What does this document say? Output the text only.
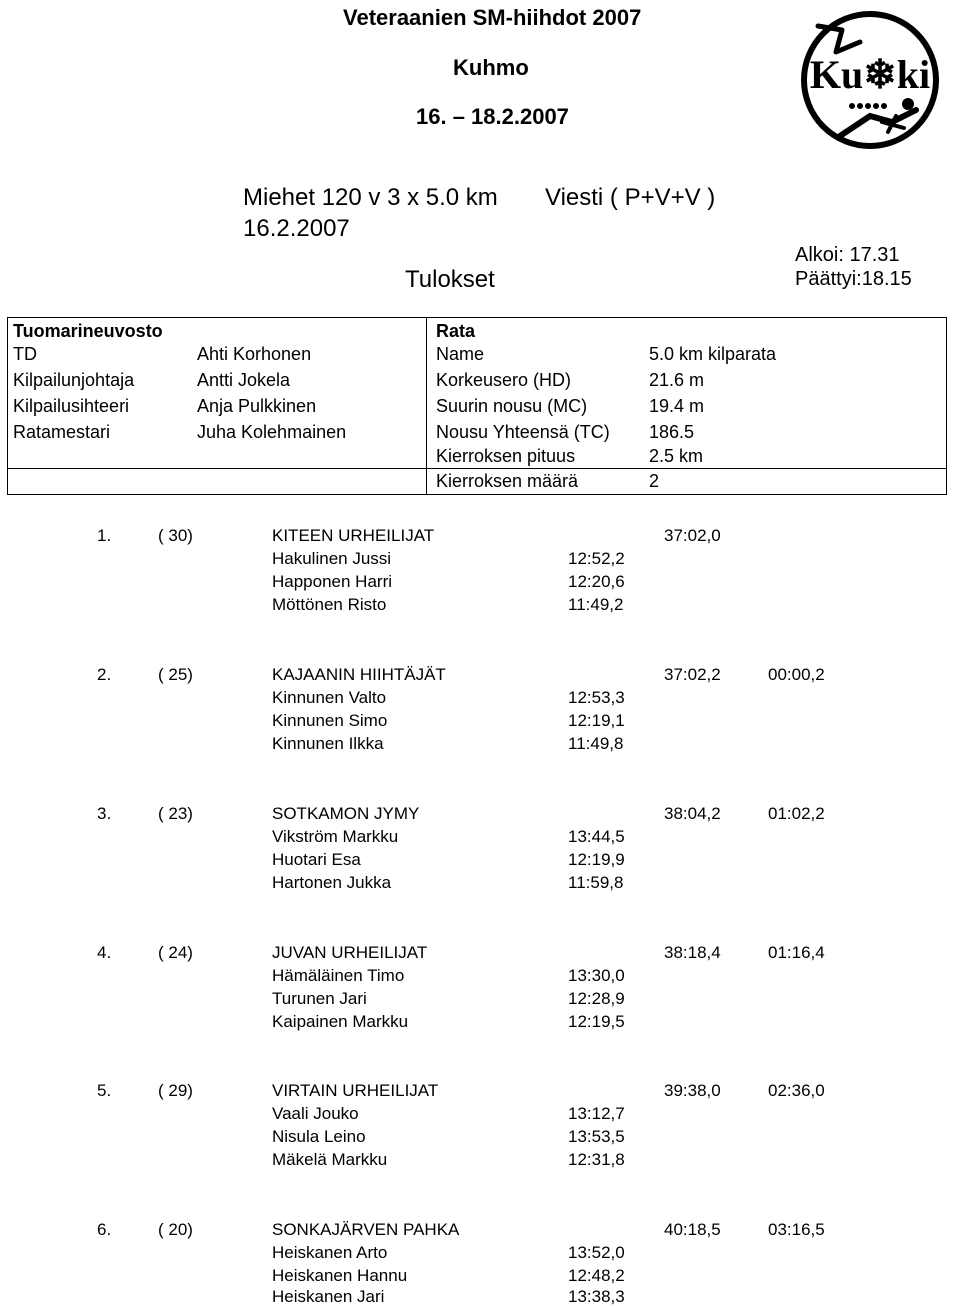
Veteraanien SM-hiihdot 2007
Kuhmo
16. – 18.2.2007
Ku❄ki
Miehet 120 v 3 x 5.0 km Viesti ( P+V+V )
16.2.2007
Alkoi: 17.31
Tulokset	Päättyi:18.15
Tuomarineuvosto
TD	Ahti Korhonen
Kilpailunjohtaja	Antti Jokela
Kilpailusihteeri	Anja Pulkkinen
Ratamestari	Juha Kolehmainen
Rata
Name	5.0 km kilparata
Korkeusero (HD)	21.6 m
Suurin nousu (MC)	19.4 m
Nousu Yhteensä (TC) 186.5
Kierroksen pituus	2.5 km
Kierroksen määrä	2
1.	( 30)	KITEEN URHEILIJAT	37:02,0
Hakulinen Jussi	12:52,2
Happonen Harri	12:20,6
Möttönen Risto	11:49,2
2.	( 25)	KAJAANIN HIIHTÄJÄT	37:02,2	00:00,2
Kinnunen Valto	12:53,3
Kinnunen Simo	12:19,1
Kinnunen Ilkka	11:49,8
3.	( 23)	SOTKAMON JYMY	38:04,2	01:02,2
Vikström Markku	13:44,5
Huotari Esa	12:19,9
Hartonen Jukka	11:59,8
4.	( 24)	JUVAN URHEILIJAT	38:18,4	01:16,4
Hämäläinen Timo	13:30,0
Turunen Jari	12:28,9
Kaipainen Markku	12:19,5
5.	( 29)	VIRTAIN URHEILIJAT	39:38,0	02:36,0
Vaali Jouko	13:12,7
Nisula Leino	13:53,5
Mäkelä Markku	12:31,8
6.	( 20)	SONKAJÄRVEN PAHKA	40:18,5	03:16,5
Heiskanen Arto	13:52,0
Heiskanen Hannu	12:48,2
Heiskanen Jari	13:38,3
